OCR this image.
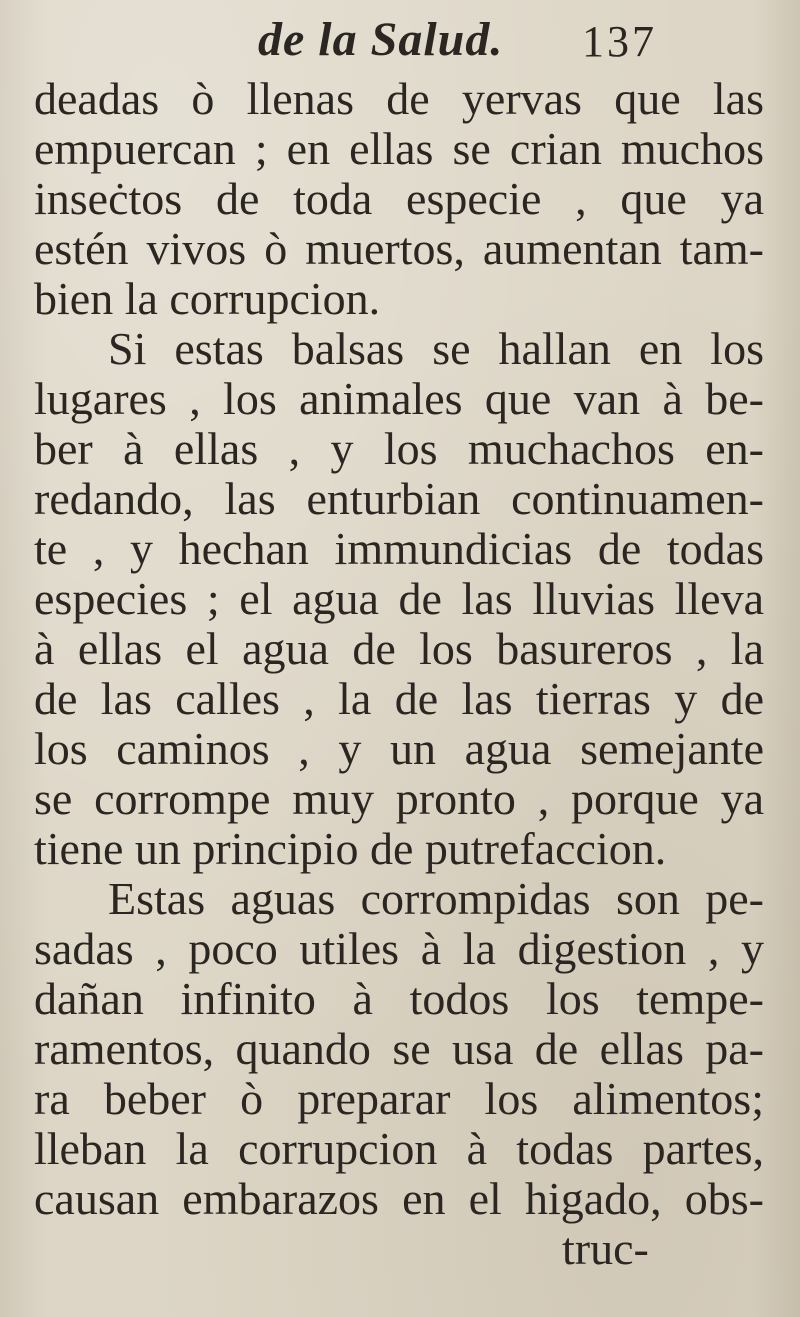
de la Salud. 137
deadas ò llenas de yervas que las
empuercan ; en ellas se crian muchos
inseċtos de toda especie , que ya
estén vivos ò muertos, aumentan tam-
bien la corrupcion.
Si estas balsas se hallan en los
lugares , los animales que van à be-
ber à ellas , y los muchachos en-
redando, las enturbian continuamen-
te , y hechan immundicias de todas
especies ; el agua de las lluvias lleva
à ellas el agua de los basureros , la
de las calles , la de las tierras y de
los caminos , y un agua semejante
se corrompe muy pronto , porque ya
tiene un principio de putrefaccion.
Estas aguas corrompidas son pe-
sadas , poco utiles à la digestion , y
dañan infinito à todos los tempe-
ramentos, quando se usa de ellas pa-
ra beber ò preparar los alimentos;
lleban la corrupcion à todas partes,
causan embarazos en el higado, obs-
truc-
